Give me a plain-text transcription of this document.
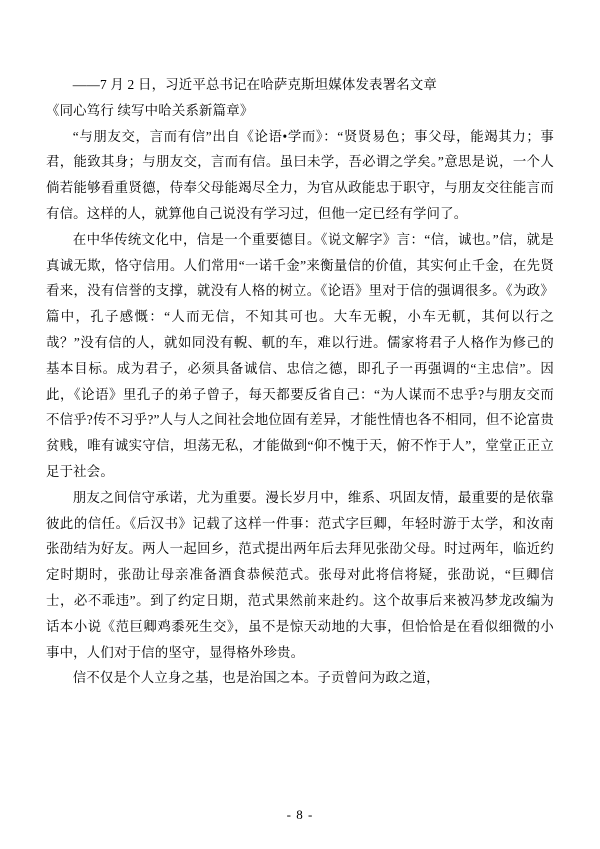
——7 月 2 日，习近平总书记在哈萨克斯坦媒体发表署名文章

《同心笃行 续写中哈关系新篇章》

“与朋友交，言而有信”出自《论语•学而》：“贤贤易色；事父母，能竭其力；事君，能致其身；与朋友交，言而有信。虽曰未学，吾必谓之学矣。”意思是说，一个人倘若能够看重贤德，侍奉父母能竭尽全力，为官从政能忠于职守，与朋友交往能言而有信。这样的人，就算他自己说没有学习过，但他一定已经有学问了。

在中华传统文化中，信是一个重要德目。《说文解字》言：“信，诚也。”信，就是真诚无欺，恪守信用。人们常用“一诺千金”来衡量信的价值，其实何止千金，在先贤看来，没有信誉的支撑，就没有人格的树立。《论语》里对于信的强调很多。《为政》篇中，孔子感慨：“人而无信，不知其可也。大车无輗，小车无軏，其何以行之哉？”没有信的人，就如同没有輗、軏的车，难以行进。儒家将君子人格作为修己的基本目标。成为君子，必须具备诚信、忠信之德，即孔子一再强调的“主忠信”。因此，《论语》里孔子的弟子曾子，每天都要反省自己：“为人谋而不忠乎?与朋友交而不信乎?传不习乎?”人与人之间社会地位固有差异，才能性情也各不相同，但不论富贵贫贱，唯有诚实守信，坦荡无私，才能做到“仰不愧于天，俯不怍于人”，堂堂正正立足于社会。

朋友之间信守承诺，尤为重要。漫长岁月中，维系、巩固友情，最重要的是依靠彼此的信任。《后汉书》记载了这样一件事：范式字巨卿，年轻时游于太学，和汝南张劭结为好友。两人一起回乡，范式提出两年后去拜见张劭父母。时过两年，临近约定时期时，张劭让母亲准备酒食恭候范式。张母对此将信将疑，张劭说，“巨卿信士，必不乖违”。到了约定日期，范式果然前来赴约。这个故事后来被冯梦龙改编为话本小说《范巨卿鸡黍死生交》，虽不是惊天动地的大事，但恰恰是在看似细微的小事中，人们对于信的坚守，显得格外珍贵。

信不仅是个人立身之基，也是治国之本。子贡曾问为政之道，

- 8 -
